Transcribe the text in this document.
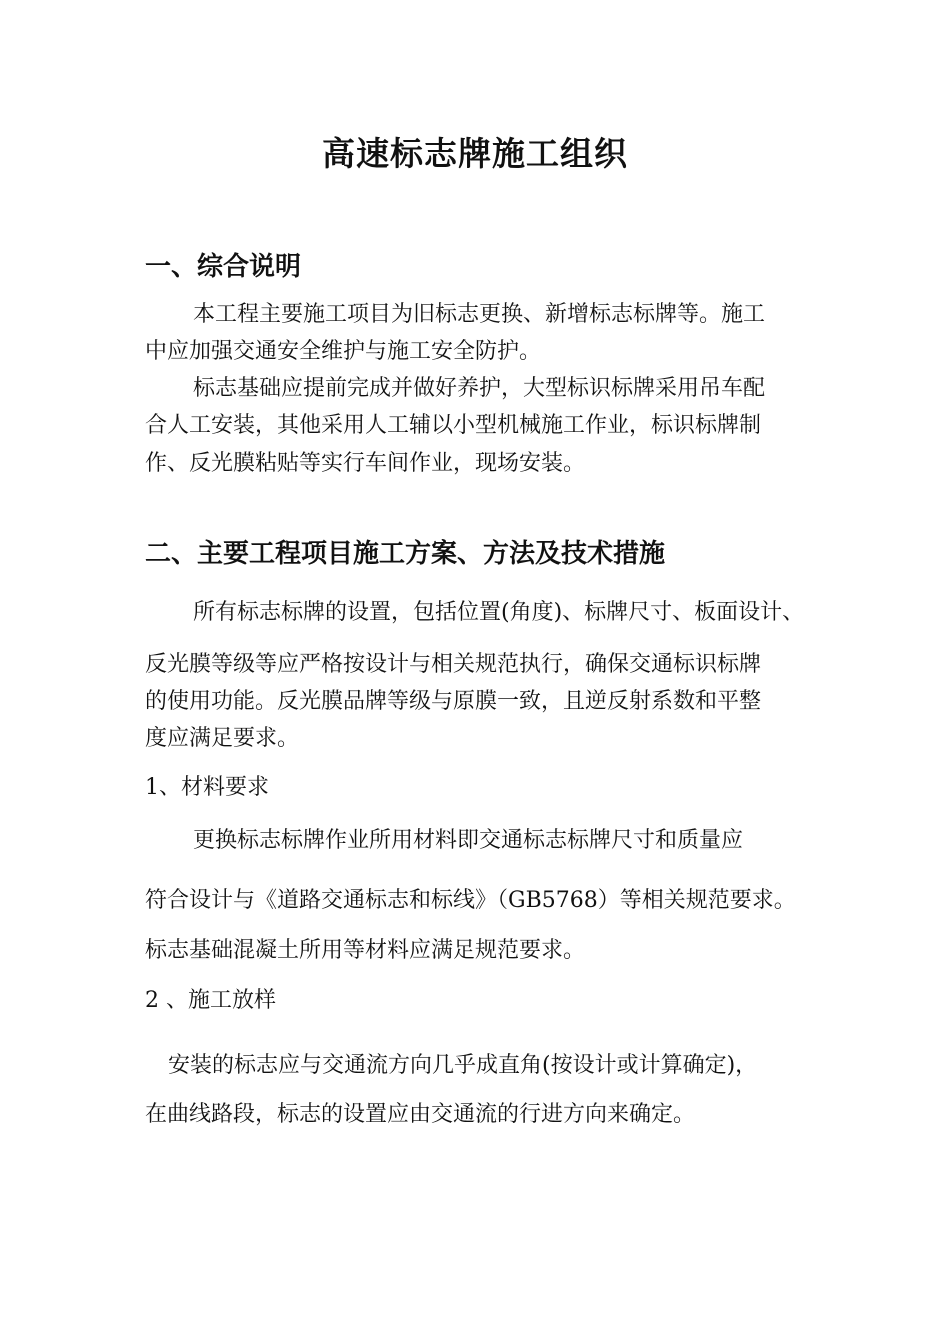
高速标志牌施工组织
一、综合说明
本工程主要施工项目为旧标志更换、新增标志标牌等。施工
中应加强交通安全维护与施工安全防护。
标志基础应提前完成并做好养护，大型标识标牌采用吊车配
合人工安装，其他采用人工辅以小型机械施工作业，标识标牌制
作、反光膜粘贴等实行车间作业，现场安装。
二、主要工程项目施工方案、方法及技术措施
所有标志标牌的设置，包括位置(角度)、标牌尺寸、板面设计、
反光膜等级等应严格按设计与相关规范执行，确保交通标识标牌
的使用功能。反光膜品牌等级与原膜一致，且逆反射系数和平整
度应满足要求。
1、材料要求
更换标志标牌作业所用材料即交通标志标牌尺寸和质量应
符合设计与《道路交通标志和标线》（GB5768）等相关规范要求。
标志基础混凝土所用等材料应满足规范要求。
2 、施工放样
安装的标志应与交通流方向几乎成直角(按设计或计算确定)，
在曲线路段，标志的设置应由交通流的行进方向来确定。
